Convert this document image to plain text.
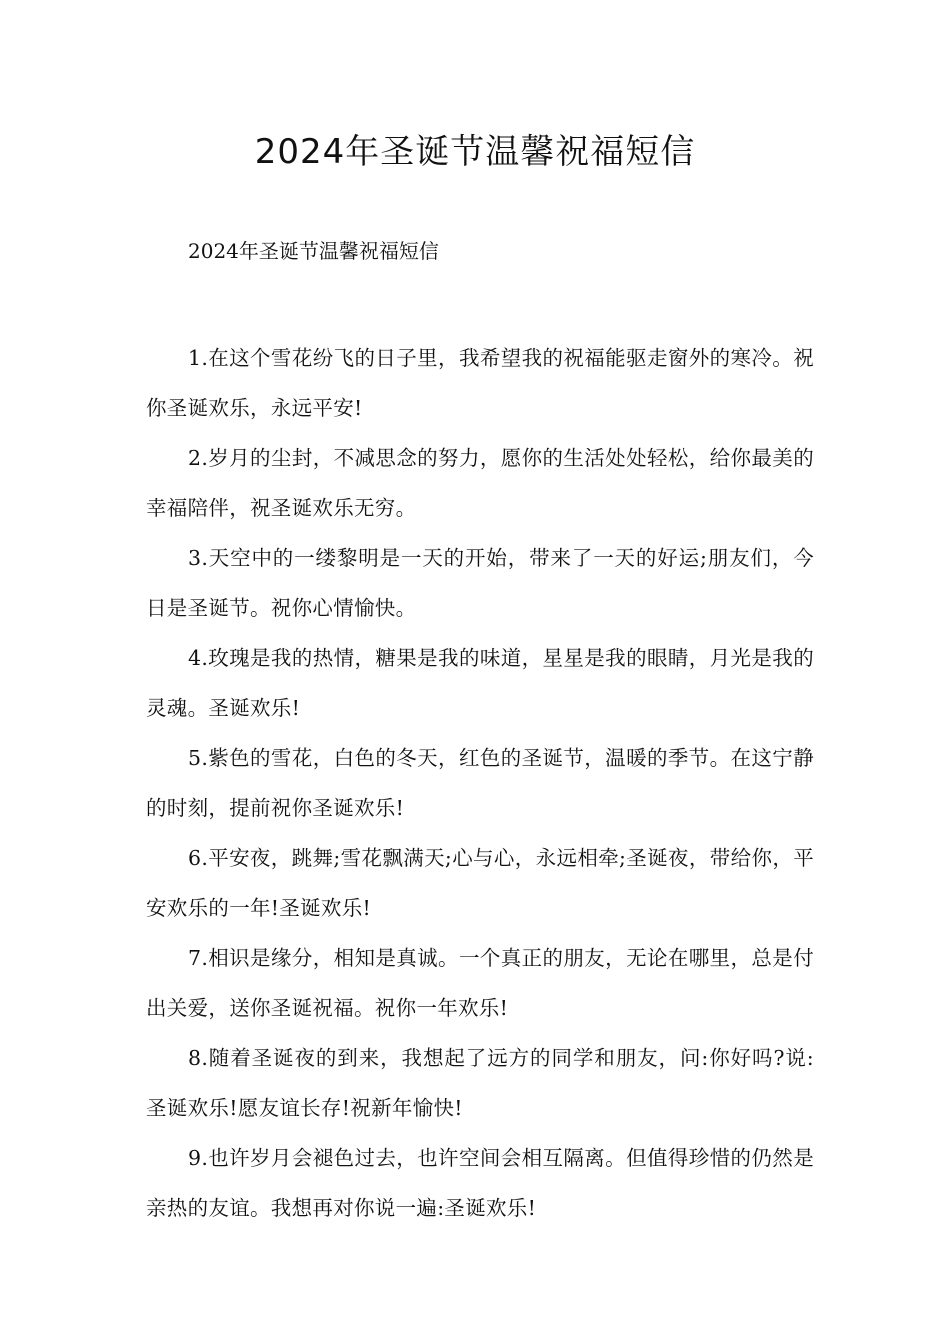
2024年圣诞节温馨祝福短信

2024年圣诞节温馨祝福短信

1.在这个雪花纷飞的日子里，我希望我的祝福能驱走窗外的寒冷。祝你圣诞欢乐，永远平安!

2.岁月的尘封，不减思念的努力，愿你的生活处处轻松，给你最美的幸福陪伴，祝圣诞欢乐无穷。

3.天空中的一缕黎明是一天的开始，带来了一天的好运;朋友们，今日是圣诞节。祝你心情愉快。

4.玫瑰是我的热情，糖果是我的味道，星星是我的眼睛，月光是我的灵魂。圣诞欢乐!

5.紫色的雪花，白色的冬天，红色的圣诞节，温暖的季节。在这宁静的时刻，提前祝你圣诞欢乐!

6.平安夜，跳舞;雪花飘满天;心与心，永远相牵;圣诞夜，带给你，平安欢乐的一年!圣诞欢乐!

7.相识是缘分，相知是真诚。一个真正的朋友，无论在哪里，总是付出关爱，送你圣诞祝福。祝你一年欢乐!

8.随着圣诞夜的到来，我想起了远方的同学和朋友，问:你好吗?说:圣诞欢乐!愿友谊长存!祝新年愉快!

9.也许岁月会褪色过去，也许空间会相互隔离。但值得珍惜的仍然是亲热的友谊。我想再对你说一遍:圣诞欢乐!
